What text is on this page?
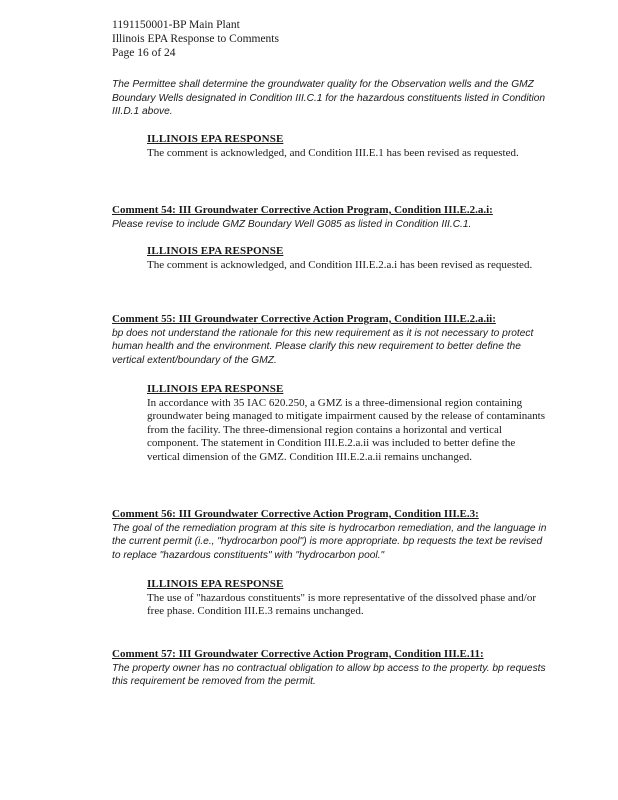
1191150001-BP Main Plant
Illinois EPA Response to Comments
Page 16 of 24
The Permittee shall determine the groundwater quality for the Observation wells and the GMZ Boundary Wells designated in Condition III.C.1 for the hazardous constituents listed in Condition III.D.1 above.
ILLINOIS EPA RESPONSE
The comment is acknowledged, and Condition III.E.1 has been revised as requested.
Comment 54: III Groundwater Corrective Action Program, Condition III.E.2.a.i:
Please revise to include GMZ Boundary Well G085 as listed in Condition III.C.1.
ILLINOIS EPA RESPONSE
The comment is acknowledged, and Condition III.E.2.a.i has been revised as requested.
Comment 55: III Groundwater Corrective Action Program, Condition III.E.2.a.ii:
bp does not understand the rationale for this new requirement as it is not necessary to protect human health and the environment. Please clarify this new requirement to better define the vertical extent/boundary of the GMZ.
ILLINOIS EPA RESPONSE
In accordance with 35 IAC 620.250, a GMZ is a three-dimensional region containing groundwater being managed to mitigate impairment caused by the release of contaminants from the facility. The three-dimensional region contains a horizontal and vertical component. The statement in Condition III.E.2.a.ii was included to better define the vertical dimension of the GMZ. Condition III.E.2.a.ii remains unchanged.
Comment 56: III Groundwater Corrective Action Program, Condition III.E.3:
The goal of the remediation program at this site is hydrocarbon remediation, and the language in the current permit (i.e., "hydrocarbon pool") is more appropriate. bp requests the text be revised to replace "hazardous constituents" with "hydrocarbon pool."
ILLINOIS EPA RESPONSE
The use of "hazardous constituents" is more representative of the dissolved phase and/or free phase. Condition III.E.3 remains unchanged.
Comment 57: III Groundwater Corrective Action Program, Condition III.E.11:
The property owner has no contractual obligation to allow bp access to the property. bp requests this requirement be removed from the permit.
